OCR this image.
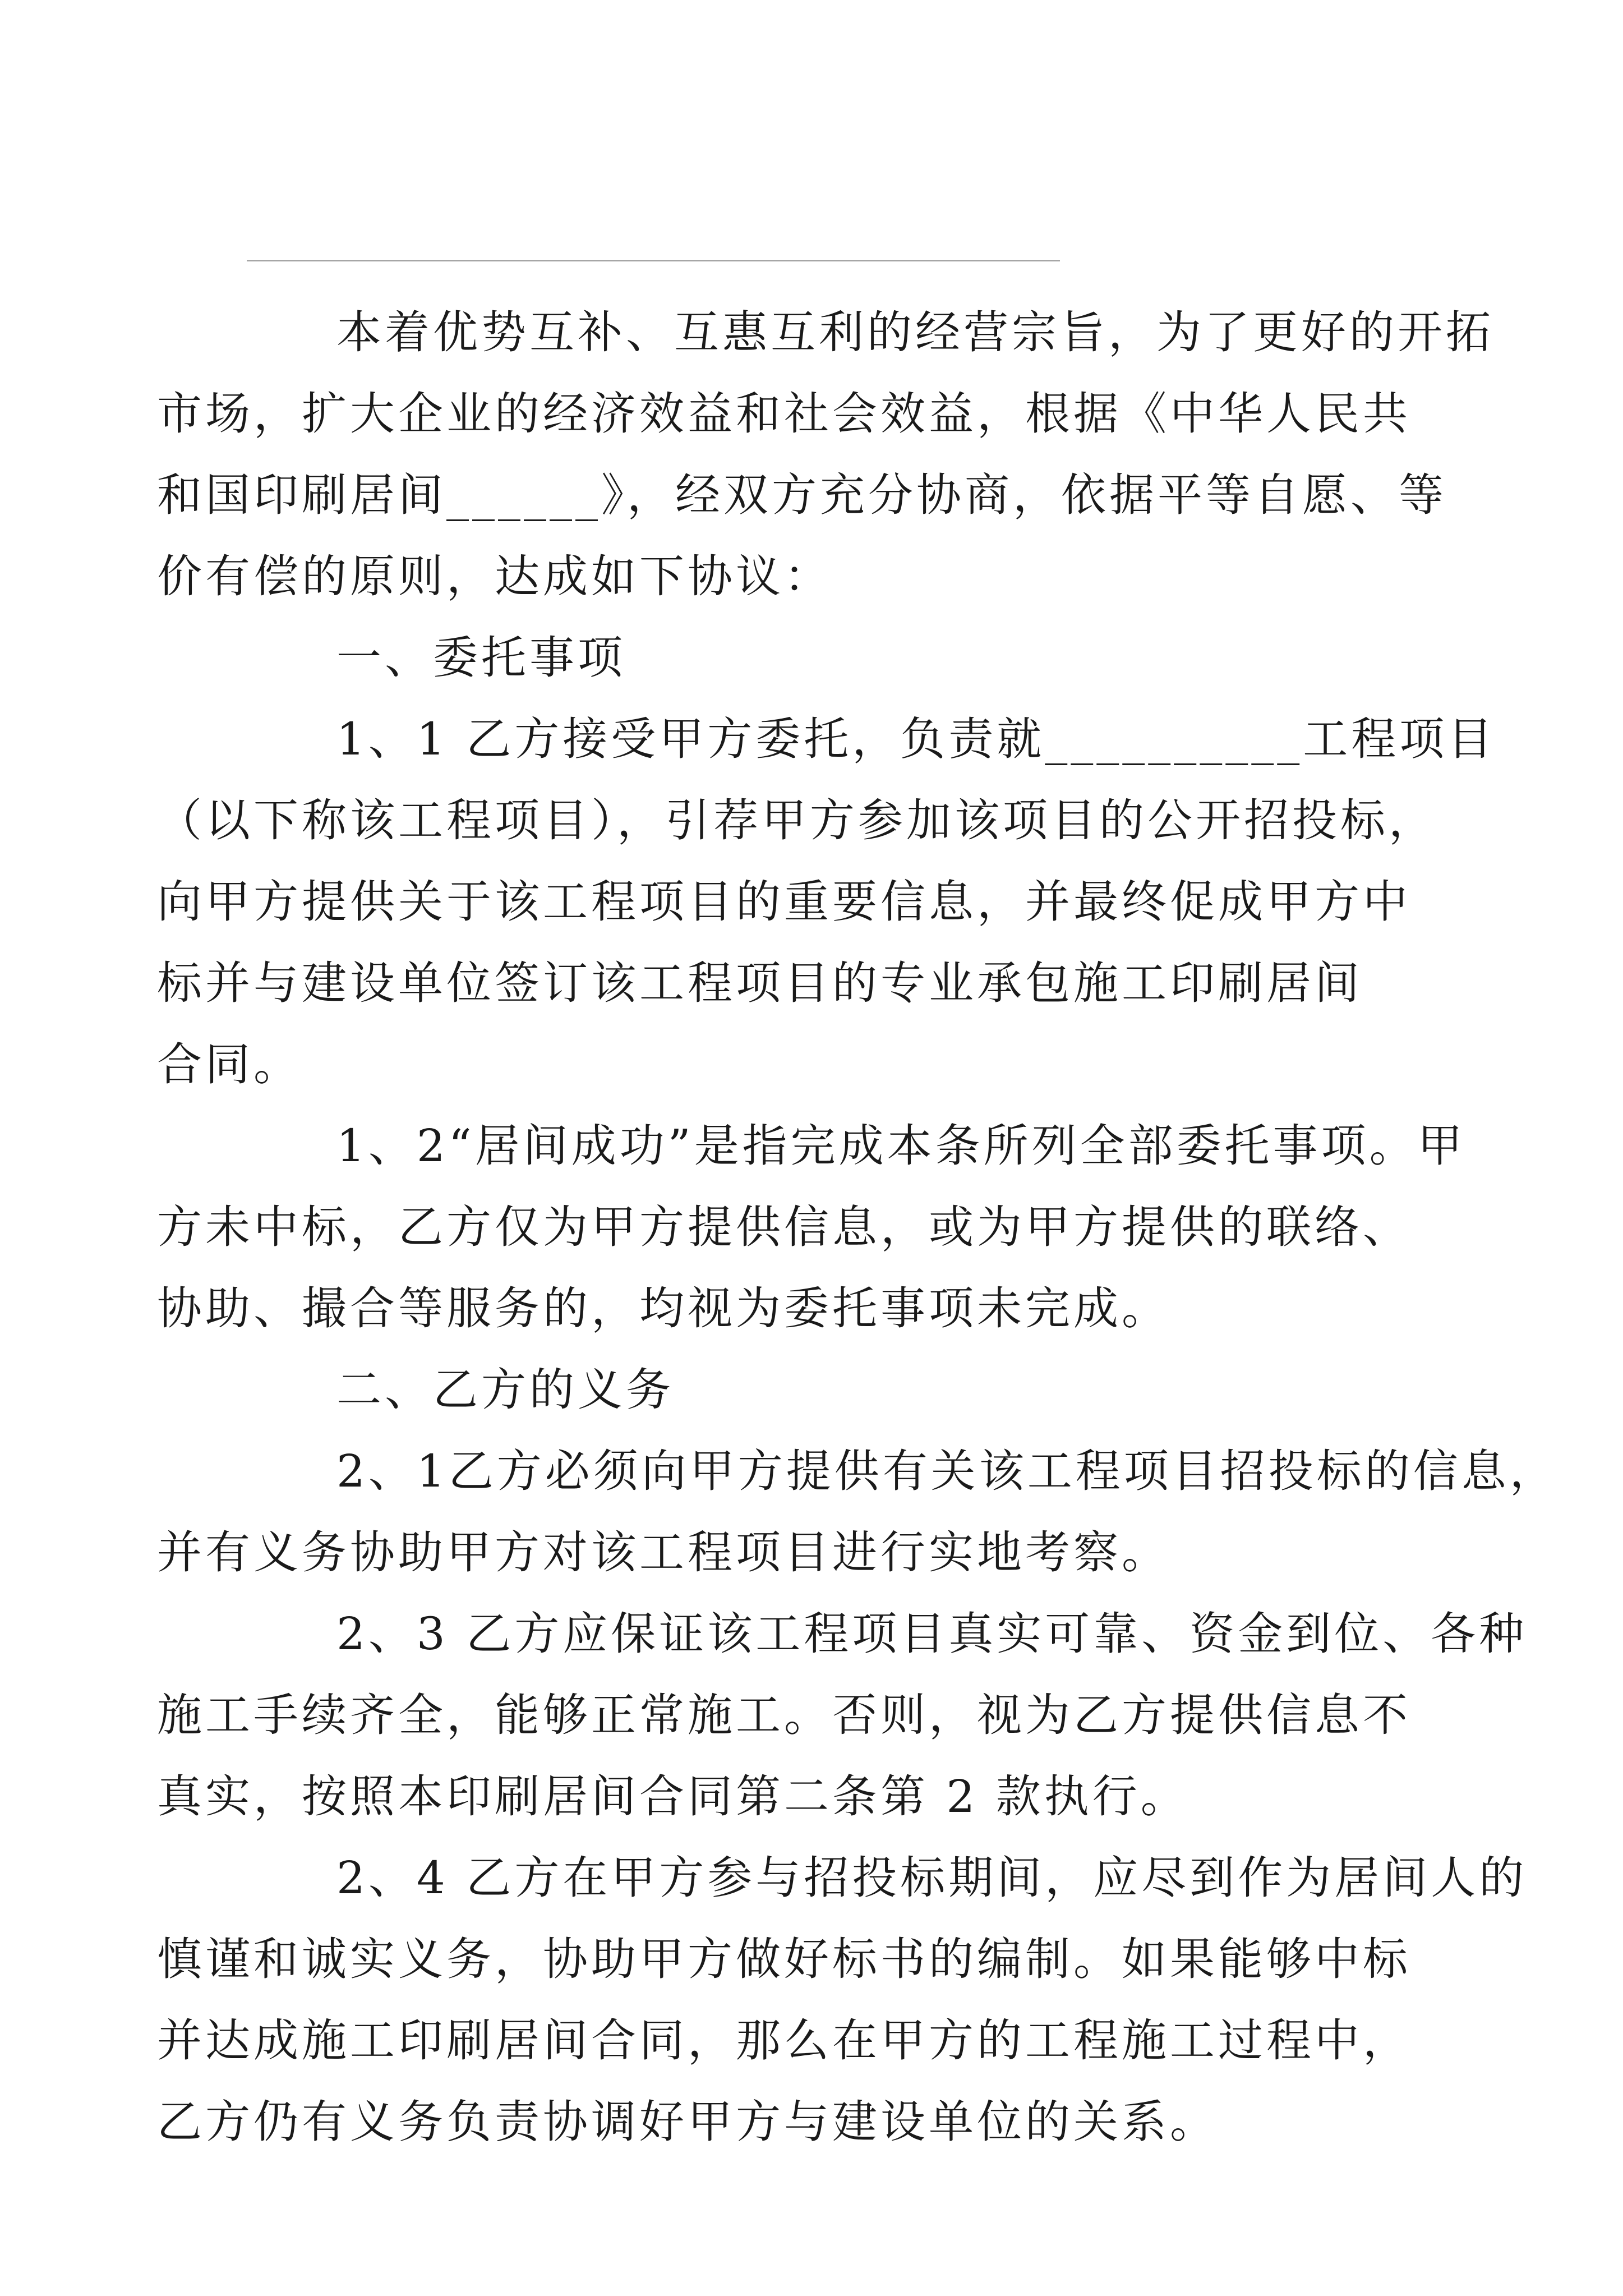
本着优势互补、互惠互利的经营宗旨，为了更好的开拓
市场，扩大企业的经济效益和社会效益，根据《中华人民共
和国印刷居间______》，经双方充分协商，依据平等自愿、等
价有偿的原则，达成如下协议：
一、委托事项
1、1 乙方接受甲方委托，负责就__________工程项目
（以下称该工程项目），引荐甲方参加该项目的公开招投标，
向甲方提供关于该工程项目的重要信息，并最终促成甲方中
标并与建设单位签订该工程项目的专业承包施工印刷居间
合同。
1、2“居间成功”是指完成本条所列全部委托事项。甲
方未中标，乙方仅为甲方提供信息，或为甲方提供的联络、
协助、撮合等服务的，均视为委托事项未完成。
二、乙方的义务
2、1乙方必须向甲方提供有关该工程项目招投标的信息，
并有义务协助甲方对该工程项目进行实地考察。
2、3 乙方应保证该工程项目真实可靠、资金到位、各种
施工手续齐全，能够正常施工。否则，视为乙方提供信息不
真实，按照本印刷居间合同第二条第 2 款执行。
2、4 乙方在甲方参与招投标期间，应尽到作为居间人的
慎谨和诚实义务，协助甲方做好标书的编制。如果能够中标
并达成施工印刷居间合同，那么在甲方的工程施工过程中，
乙方仍有义务负责协调好甲方与建设单位的关系。
